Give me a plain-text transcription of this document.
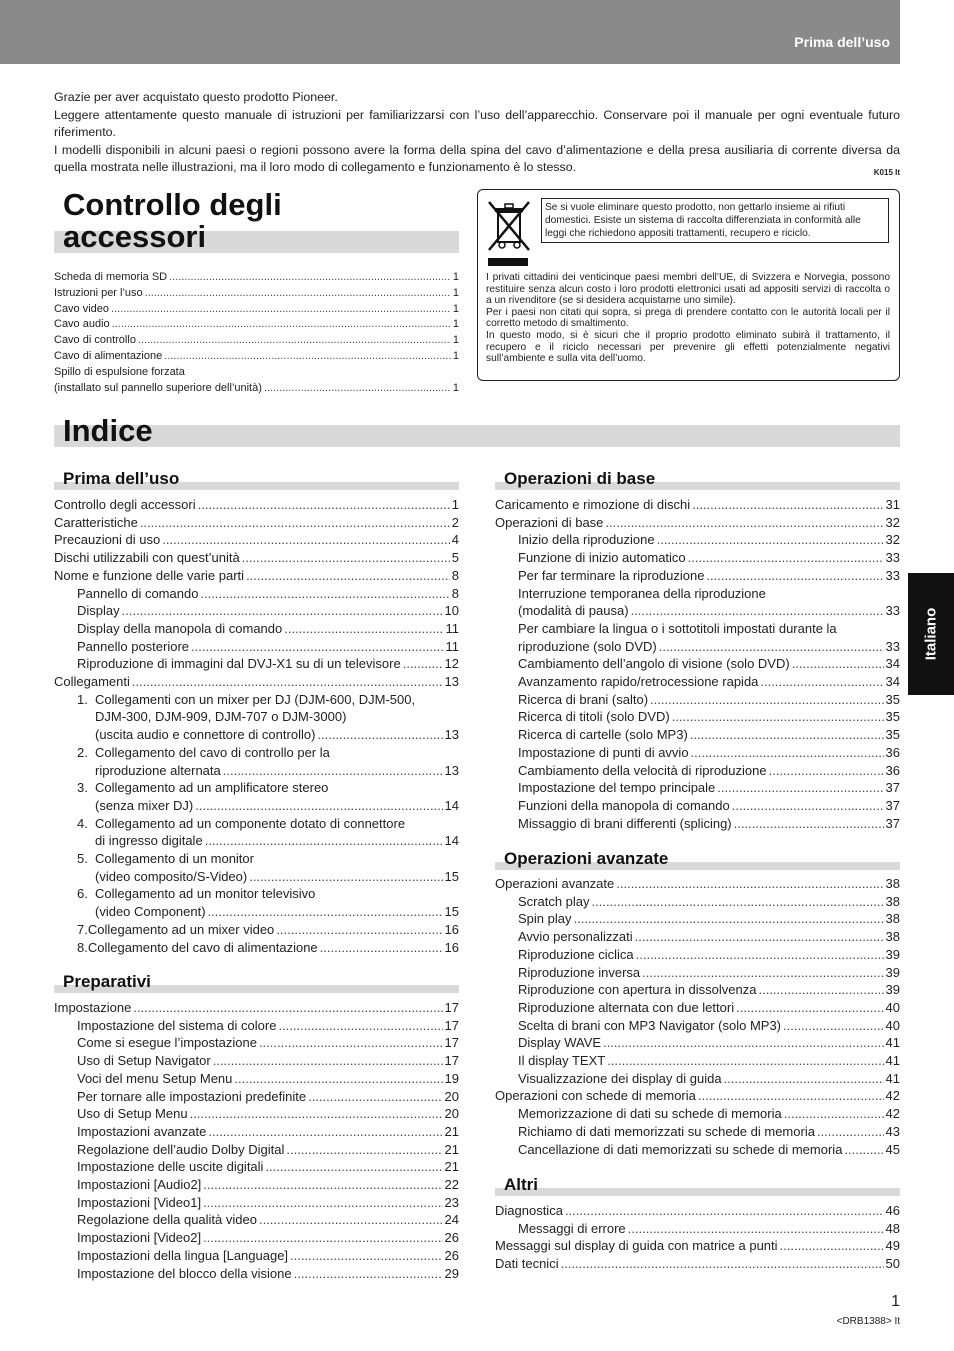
Prima dell’uso

Grazie per aver acquistato questo prodotto Pioneer.

Leggere attentamente questo manuale di istruzioni per familiarizzarsi con l’uso dell’apparecchio. Conservare poi il manuale per ogni eventuale futuro riferimento.

I modelli disponibili in alcuni paesi o regioni possono avere la forma della spina del cavo d’alimentazione e della presa ausiliaria di corrente diversa da quella mostrata nelle illustrazioni, ma il loro modo di collegamento e funzionamento è lo stesso.	K015 It

Controllo degli
accessori
Scheda di memoria SD .....	1
Istruzioni per l’uso .....	1
Cavo video .....	1
Cavo audio .....	1
Cavo di controllo .....	1
Cavo di alimentazione .....	1
Spillo di espulsione forzata
(installato sul pannello superiore dell’unità) .....	1
Se si vuole eliminare questo prodotto, non gettarlo insieme ai rifiuti domestici. Esiste un sistema di raccolta differenziata in conformità alle leggi che richiedono appositi trattamenti, recupero e riciclo.

I privati cittadini dei venticinque paesi membri dell’UE, di Svizzera e Norvegia, possono restituire senza alcun costo i loro prodotti elettronici usati ad appositi servizi di raccolta o a un rivenditore (se si desidera acquistarne uno simile).

Per i paesi non citati qui sopra, si prega di prendere contatto con le autorità locali per il corretto metodo di smaltimento.

In questo modo, si è sicuri che il proprio prodotto eliminato subirà il trattamento, il recupero e il riciclo necessari per prevenire gli effetti potenzialmente negativi sull’ambiente e sulla vita dell’uomo.

Indice
Prima dell’uso
Controllo degli accessori .....	1
Caratteristiche .....	2
Precauzioni di uso .....	4
Dischi utilizzabili con quest’unità .....	5
Nome e funzione delle varie parti .....	8
Pannello di comando .....	8
Display .....	10
Display della manopola di comando .....	11
Pannello posteriore .....	11
Riproduzione di immagini dal DVJ-X1 su di un televisore .....	12
Collegamenti .....	13
1. Collegamenti con un mixer per DJ (DJM-600, DJM-500,
DJM-300, DJM-909, DJM-707 o DJM-3000)
(uscita audio e connettore di controllo) .....	13
2. Collegamento del cavo di controllo per la
riproduzione alternata .....	13
3. Collegamento ad un amplificatore stereo
(senza mixer DJ) .....	14
4. Collegamento ad un componente dotato di connettore
di ingresso digitale .....	14
5. Collegamento di un monitor
(video composito/S-Video) .....	15
6. Collegamento ad un monitor televisivo
(video Component) .....	15
7. Collegamento ad un mixer video .....	16
8. Collegamento del cavo di alimentazione .....	16
Preparativi
Impostazione .....	17
Impostazione del sistema di colore .....	17
Come si esegue l’impostazione .....	17
Uso di Setup Navigator .....	17
Voci del menu Setup Menu .....	19
Per tornare alle impostazioni predefinite .....	20
Uso di Setup Menu .....	20
Impostazioni avanzate .....	21
Regolazione dell’audio Dolby Digital .....	21
Impostazione delle uscite digitali .....	21
Impostazioni [Audio2] .....	22
Impostazioni [Video1] .....	23
Regolazione della qualità video .....	24
Impostazioni [Video2] .....	26
Impostazioni della lingua [Language] .....	26
Impostazione del blocco della visione .....	29
Operazioni di base
Caricamento e rimozione di dischi .....	31
Operazioni di base .....	32
Inizio della riproduzione .....	32
Funzione di inizio automatico .....	33
Per far terminare la riproduzione .....	33
Interruzione temporanea della riproduzione
(modalità di pausa) .....	33
Per cambiare la lingua o i sottotitoli impostati durante la
riproduzione (solo DVD) .....	33
Cambiamento dell’angolo di visione (solo DVD) .....	34
Avanzamento rapido/retrocessione rapida .....	34
Ricerca di brani (salto) .....	35
Ricerca di titoli (solo DVD) .....	35
Ricerca di cartelle (solo MP3) .....	35
Impostazione di punti di avvio .....	36
Cambiamento della velocità di riproduzione .....	36
Impostazione del tempo principale .....	37
Funzioni della manopola di comando .....	37
Missaggio di brani differenti (splicing) .....	37
Operazioni avanzate
Operazioni avanzate .....	38
Scratch play .....	38
Spin play .....	38
Avvio personalizzati .....	38
Riproduzione ciclica .....	39
Riproduzione inversa .....	39
Riproduzione con apertura in dissolvenza .....	39
Riproduzione alternata con due lettori .....	40
Scelta di brani con MP3 Navigator (solo MP3) .....	40
Display WAVE .....	41
Il display TEXT .....	41
Visualizzazione dei display di guida .....	41
Operazioni con schede di memoria .....	42
Memorizzazione di dati su schede di memoria .....	42
Richiamo di dati memorizzati su schede di memoria .....	43
Cancellazione di dati memorizzati su schede di memoria .....	45
Altri
Diagnostica .....	46
Messaggi di errore .....	48
Messaggi sul display di guida con matrice a punti .....	49
Dati tecnici .....	50
Italiano
1
<DRB1388> It
